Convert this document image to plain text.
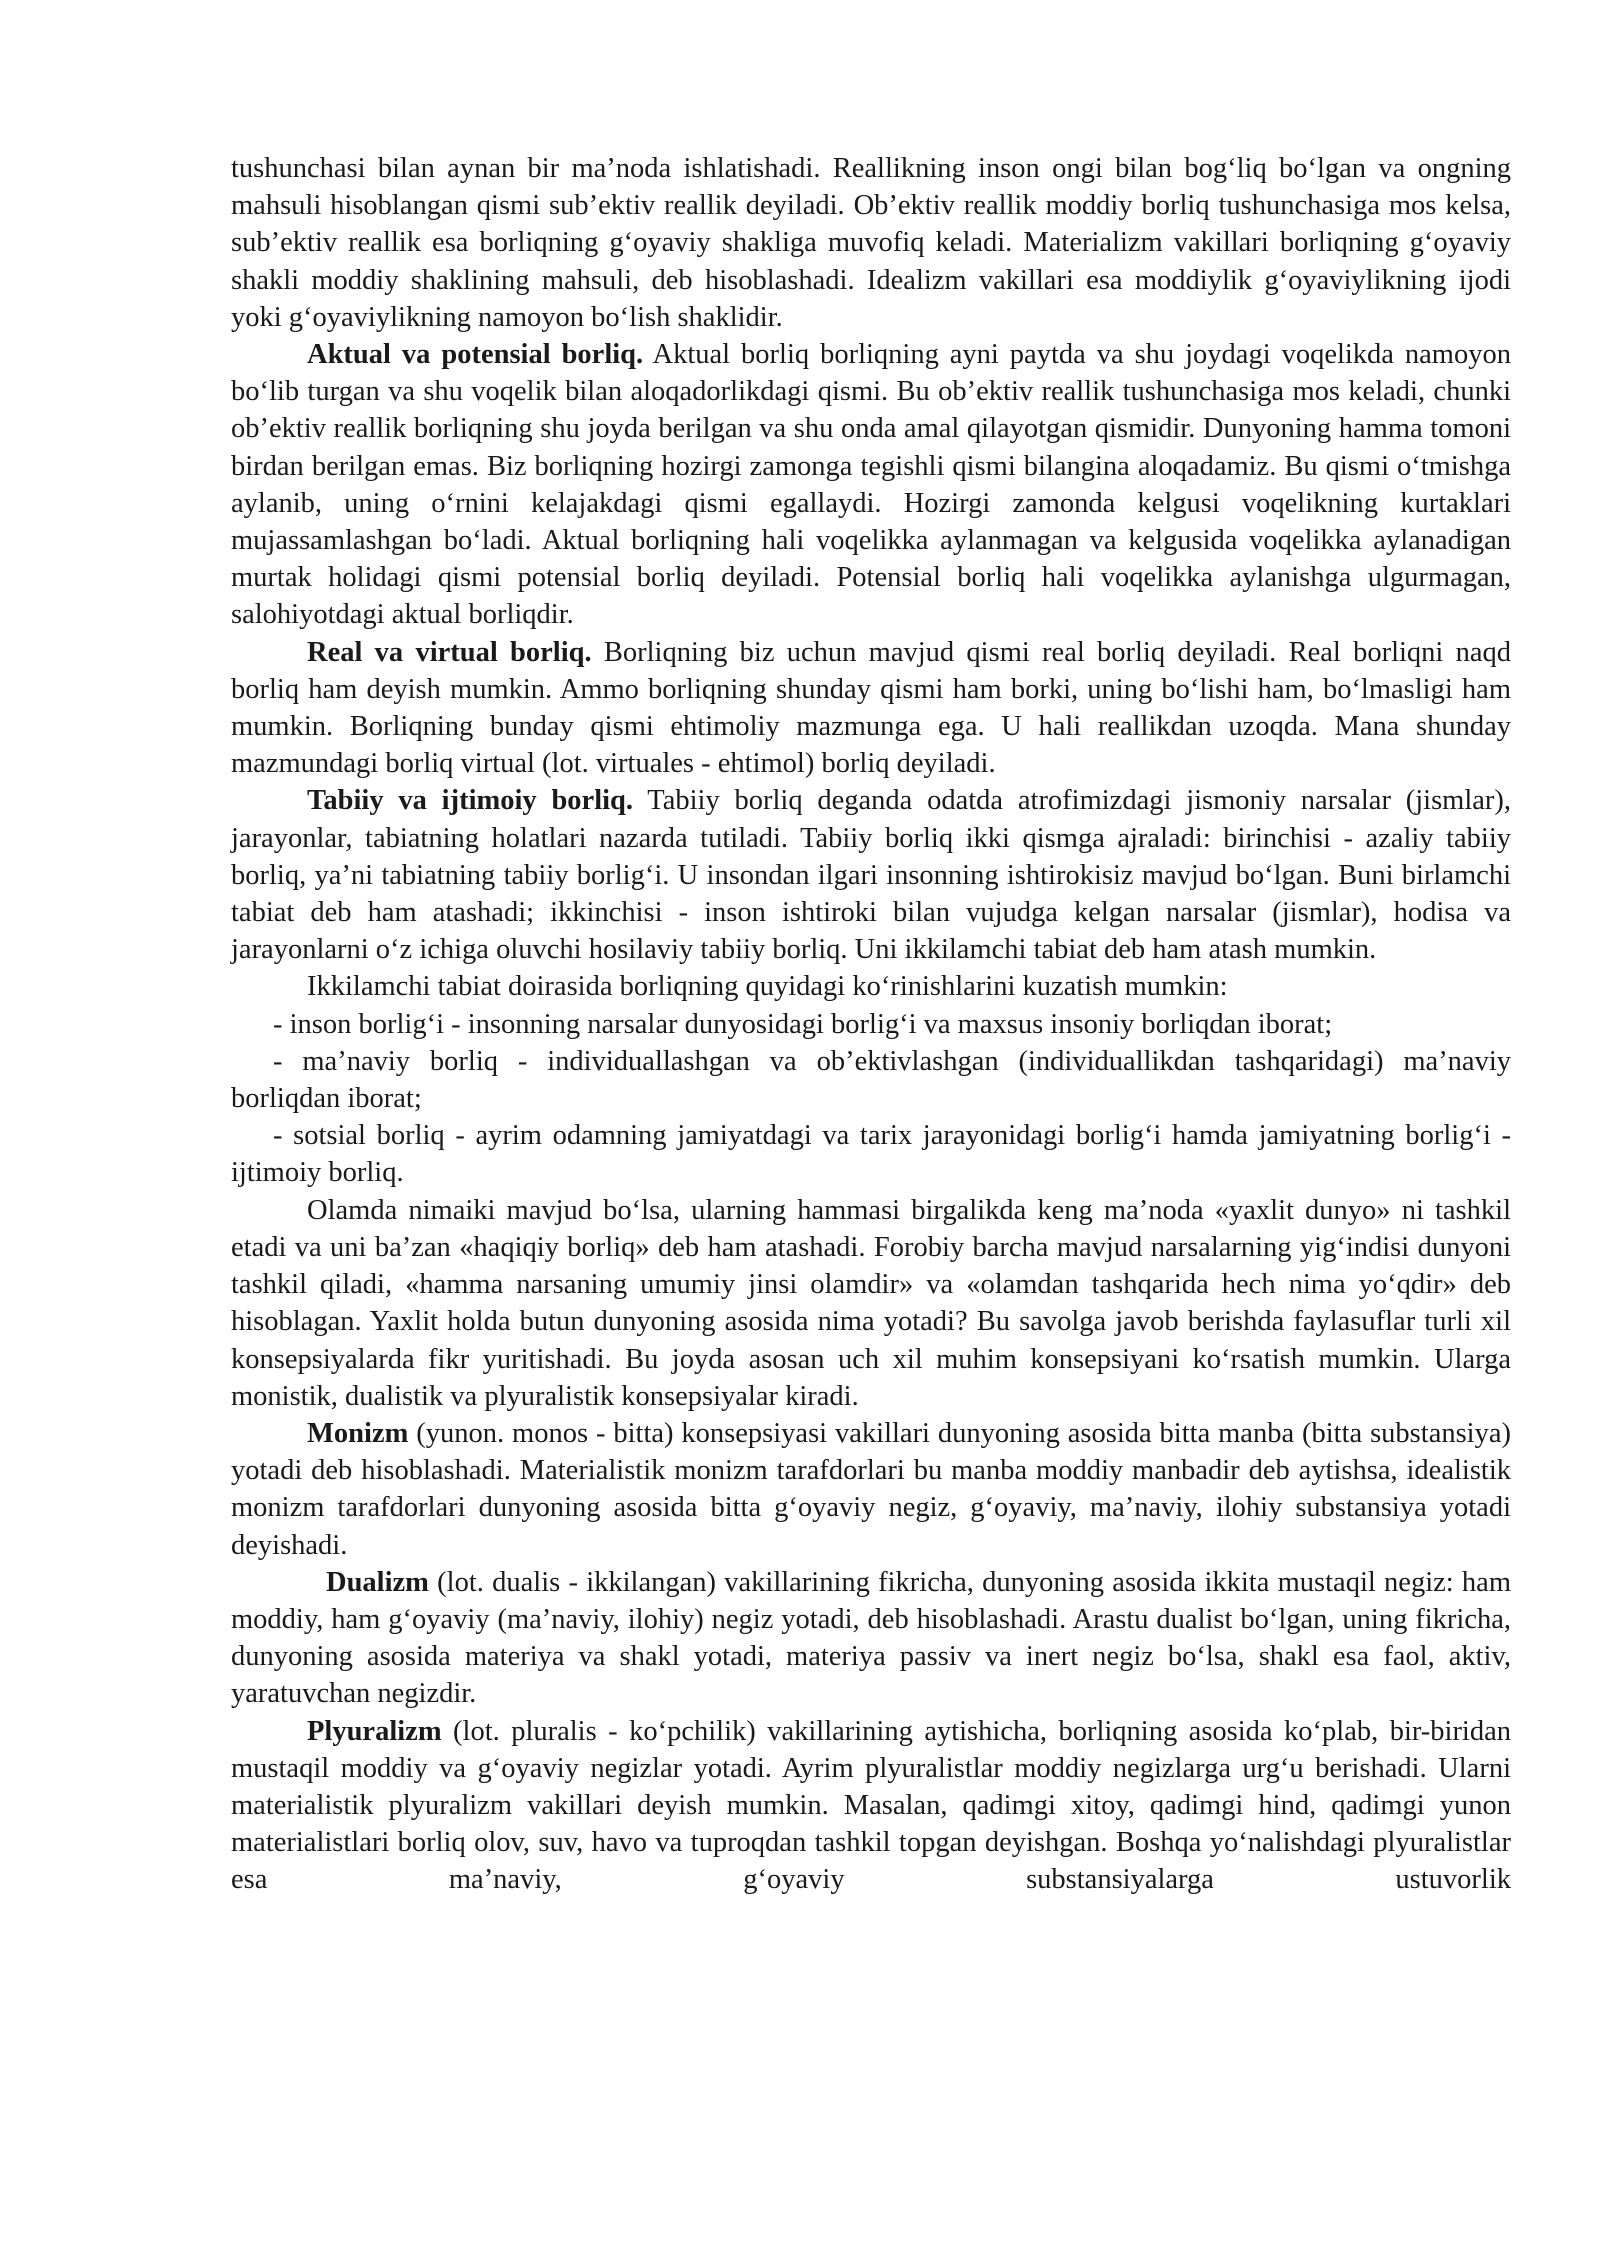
tushunchasi bilan aynan bir ma’noda ishlatishadi. Reallikning inson ongi bilan bog‘liq bo‘lgan va ongning mahsuli hisoblangan qismi sub’ektiv reallik deyiladi. Ob’ektiv reallik moddiy borliq tushunchasiga mos kelsa, sub’ektiv reallik esa borliqning g‘oyaviy shakliga muvofiq keladi. Materializm vakillari borliqning g‘oyaviy shakli moddiy shaklining mahsuli, deb hisoblashadi. Idealizm vakillari esa moddiylik g‘oyaviylikning ijodi yoki g‘oyaviylikning namoyon bo‘lish shaklidir.

Aktual va potensial borliq. Aktual borliq borliqning ayni paytda va shu joydagi voqelikda namoyon bo‘lib turgan va shu voqelik bilan aloqadorlikdagi qismi. Bu ob’ektiv reallik tushunchasiga mos keladi, chunki ob’ektiv reallik borliqning shu joyda berilgan va shu onda amal qilayotgan qismidir. Dunyoning hamma tomoni birdan berilgan emas. Biz borliqning hozirgi zamonga tegishli qismi bilangina aloqadamiz. Bu qismi o‘tmishga aylanib, uning o‘rnini kelajakdagi qismi egallaydi. Hozirgi zamonda kelgusi voqelikning kurtaklari mujassamlashgan bo‘ladi. Aktual borliqning hali voqelikka aylanmagan va kelgusida voqelikka aylanadigan murtak holidagi qismi potensial borliq deyiladi. Potensial borliq hali voqelikka aylanishga ulgurmagan, salohiyotdagi aktual borliqdir.

Real va virtual borliq. Borliqning biz uchun mavjud qismi real borliq deyiladi. Real borliqni naqd borliq ham deyish mumkin. Ammo borliqning shunday qismi ham borki, uning bo‘lishi ham, bo‘lmasligi ham mumkin. Borliqning bunday qismi ehtimoliy mazmunga ega. U hali reallikdan uzoqda. Mana shunday mazmundagi borliq virtual (lot. virtuales - ehtimol) borliq deyiladi.

Tabiiy va ijtimoiy borliq. Tabiiy borliq deganda odatda atrofimizdagi jismoniy narsalar (jismlar), jarayonlar, tabiatning holatlari nazarda tutiladi. Tabiiy borliq ikki qismga ajraladi: birinchisi - azaliy tabiiy borliq, ya’ni tabiatning tabiiy borlig‘i. U insondan ilgari insonning ishtirokisiz mavjud bo‘lgan. Buni birlamchi tabiat deb ham atashadi; ikkinchisi - inson ishtiroki bilan vujudga kelgan narsalar (jismlar), hodisa va jarayonlarni o‘z ichiga oluvchi hosilaviy tabiiy borliq. Uni ikkilamchi tabiat deb ham atash mumkin.

Ikkilamchi tabiat doirasida borliqning quyidagi ko‘rinishlarini kuzatish mumkin:

- inson borlig‘i - insonning narsalar dunyosidagi borlig‘i va maxsus insoniy borliqdan iborat;

- ma’naviy borliq - individuallashgan va ob’ektivlashgan (individuallikdan tashqaridagi) ma’naviy borliqdan iborat;

- sotsial borliq - ayrim odamning jamiyatdagi va tarix jarayonidagi borlig‘i hamda jamiyatning borlig‘i - ijtimoiy borliq.

Olamda nimaiki mavjud bo‘lsa, ularning hammasi birgalikda keng ma’noda «yaxlit dunyo» ni tashkil etadi va uni ba’zan «haqiqiy borliq» deb ham atashadi. Forobiy barcha mavjud narsalarning yig‘indisi dunyoni tashkil qiladi, «hamma narsaning umumiy jinsi olamdir» va «olamdan tashqarida hech nima yo‘qdir» deb hisoblagan. Yaxlit holda butun dunyoning asosida nima yotadi? Bu savolga javob berishda faylasuflar turli xil konsepsiyalarda fikr yuritishadi. Bu joyda asosan uch xil muhim konsepsiyani ko‘rsatish mumkin. Ularga monistik, dualistik va plyuralistik konsepsiyalar kiradi.

Monizm (yunon. monos - bitta) konsepsiyasi vakillari dunyoning asosida bitta manba (bitta substansiya) yotadi deb hisoblashadi. Materialistik monizm tarafdorlari bu manba moddiy manbadir deb aytishsa, idealistik monizm tarafdorlari dunyoning asosida bitta g‘oyaviy negiz, g‘oyaviy, ma’naviy, ilohiy substansiya yotadi deyishadi.

Dualizm (lot. dualis - ikkilangan) vakillarining fikricha, dunyoning asosida ikkita mustaqil negiz: ham moddiy, ham g‘oyaviy (ma’naviy, ilohiy) negiz yotadi, deb hisoblashadi. Arastu dualist bo‘lgan, uning fikricha, dunyoning asosida materiya va shakl yotadi, materiya passiv va inert negiz bo‘lsa, shakl esa faol, aktiv, yaratuvchan negizdir.

Plyuralizm (lot. pluralis - ko‘pchilik) vakillarining aytishicha, borliqning asosida ko‘plab, bir-biridan mustaqil moddiy va g‘oyaviy negizlar yotadi. Ayrim plyuralistlar moddiy negizlarga urg‘u berishadi. Ularni materialistik plyuralizm vakillari deyish mumkin. Masalan, qadimgi xitoy, qadimgi hind, qadimgi yunon materialistlari borliq olov, suv, havo va tuproqdan tashkil topgan deyishgan. Boshqa yo‘nalishdagi plyuralistlar esa ma’naviy, g‘oyaviy substansiyalarga ustuvorlik
